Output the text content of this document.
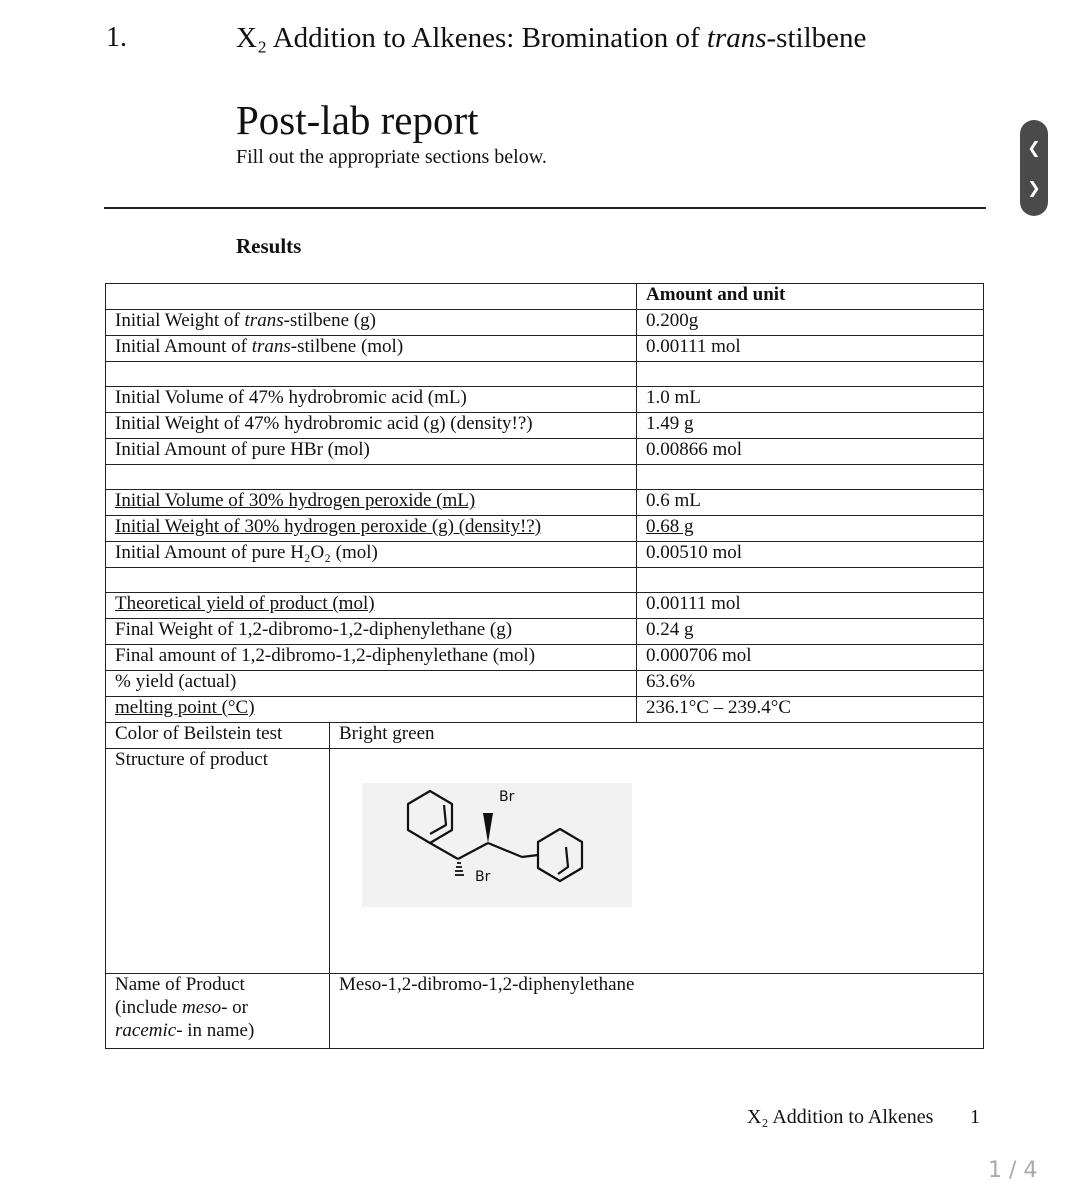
1.	X₂ Addition to Alkenes: Bromination of trans-stilbene
Post-lab report
Fill out the appropriate sections below.
Results
❮
❯
		Amount and unit
Initial Weight of trans-stilbene (g)		0.200g
Initial Amount of trans-stilbene (mol)		0.00111 mol

Initial Volume of 47% hydrobromic acid (mL)		1.0 mL
Initial Weight of 47% hydrobromic acid (g) (density!?)		1.49 g
Initial Amount of pure HBr (mol)		0.00866 mol

Initial Volume of 30% hydrogen peroxide (mL)		0.6 mL
Initial Weight of 30% hydrogen peroxide (g) (density!?)		0.68 g
Initial Amount of pure H₂O₂ (mol)		0.00510 mol

Theoretical yield of product (mol)		0.00111 mol
Final Weight of 1,2-dibromo-1,2-diphenylethane (g)		0.24 g
Final amount of 1,2-dibromo-1,2-diphenylethane (mol)		0.000706 mol
% yield (actual)		63.6%
melting point (°C)		236.1°C – 239.4°C
Color of Beilstein test	Bright green	
Structure of product	Br
Br	

Name of Product
(include meso- or
racemic- in name)	Meso-1,2-dibromo-1,2-diphenylethane	
X₂ Addition to Alkenes 1
1 / 4
